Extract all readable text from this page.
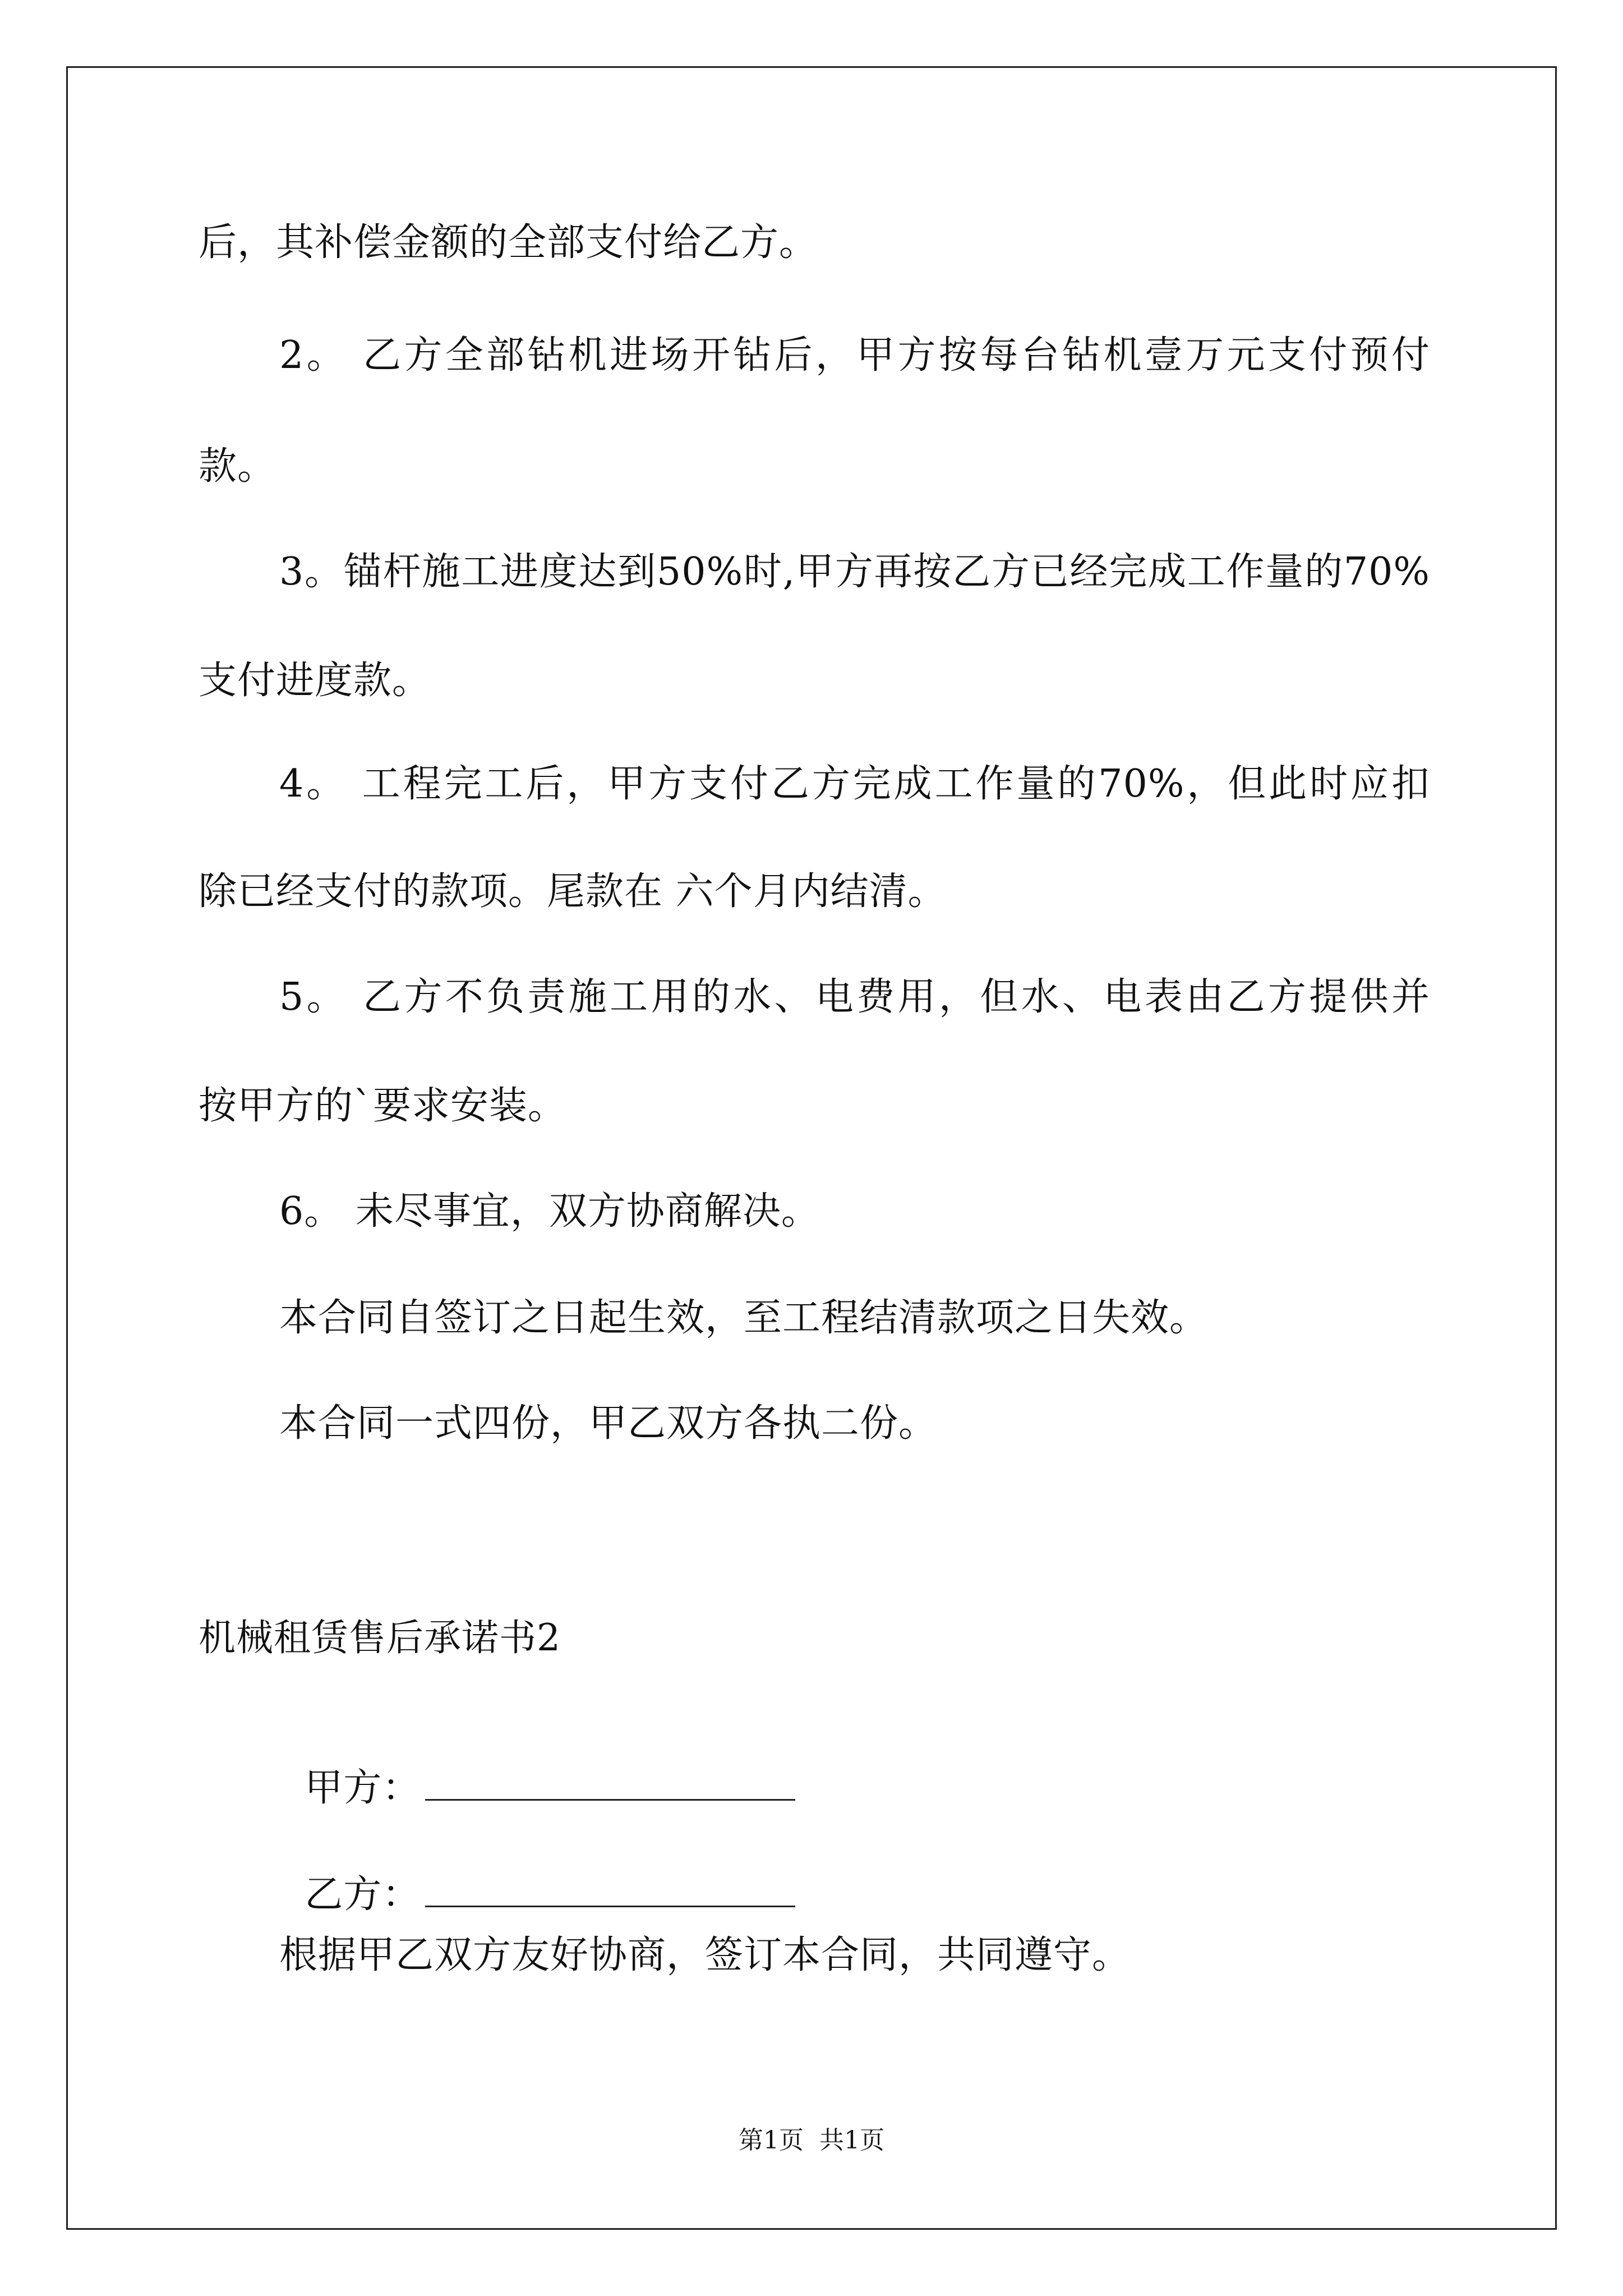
后，其补偿金额的全部支付给乙方。
2。 乙方全部钻机进场开钻后，甲方按每台钻机壹万元支付预付
款。
3。锚杆施工进度达到50%时,甲方再按乙方已经完成工作量的70%
支付进度款。
4。 工程完工后，甲方支付乙方完成工作量的70%，但此时应扣
除已经支付的款项。尾款在 六个月内结清。
5。 乙方不负责施工用的水、电费用，但水、电表由乙方提供并
按甲方的`要求安装。
6。 未尽事宜，双方协商解决。
本合同自签订之日起生效，至工程结清款项之日失效。
本合同一式四份，甲乙双方各执二份。
机械租赁售后承诺书2

甲方：

乙方：

根据甲乙双方友好协商，签订本合同，共同遵守。
第1页  共1页
